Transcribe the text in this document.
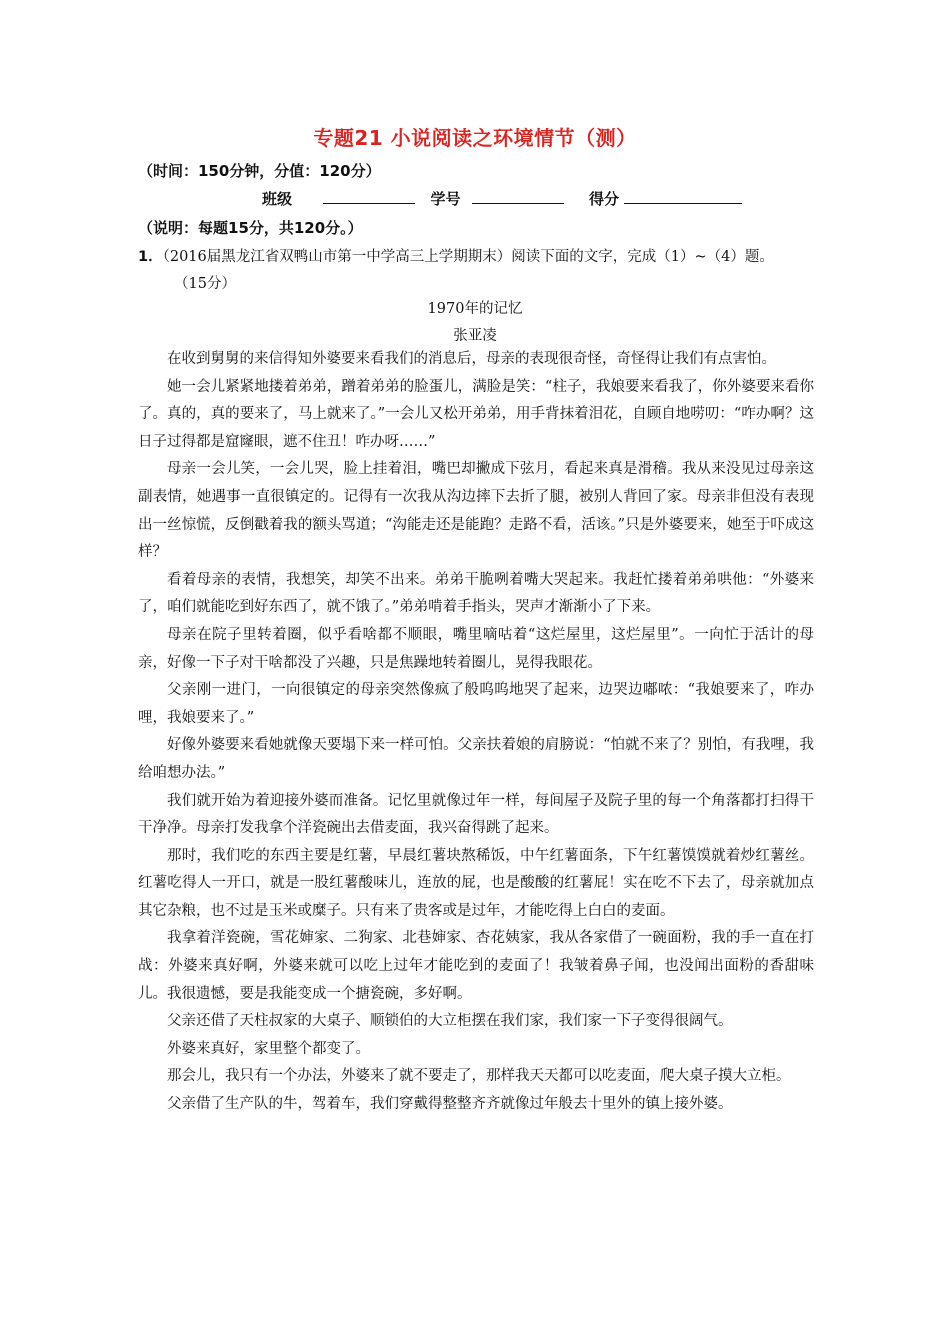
专题21 小说阅读之环境情节（测）
（时间：150分钟，分值：120分）
班级	学号	得分
（说明：每题15分，共120分。）
1．（2016届黑龙江省双鸭山市第一中学高三上学期期末）阅读下面的文字，完成（1）~（4）题。
（15分）
1970年的记忆
张亚凌

在收到舅舅的来信得知外婆要来看我们的消息后，母亲的表现很奇怪，奇怪得让我们有点害怕。

她一会儿紧紧地搂着弟弟，蹭着弟弟的脸蛋儿，满脸是笑：“柱子，我娘要来看我了，你外婆要来看你了。真的，真的要来了，马上就来了。”一会儿又松开弟弟，用手背抹着泪花，自顾自地唠叨：“咋办啊？这日子过得都是窟窿眼，遮不住丑！咋办呀……”

母亲一会儿笑，一会儿哭，脸上挂着泪，嘴巴却撇成下弦月，看起来真是滑稽。我从来没见过母亲这副表情，她遇事一直很镇定的。记得有一次我从沟边摔下去折了腿，被别人背回了家。母亲非但没有表现出一丝惊慌，反倒戳着我的额头骂道；“沟能走还是能跑？走路不看，活该。”只是外婆要来，她至于吓成这样？

看着母亲的表情，我想笑，却笑不出来。弟弟干脆咧着嘴大哭起来。我赶忙搂着弟弟哄他：“外婆来了，咱们就能吃到好东西了，就不饿了。”弟弟啃着手指头，哭声才渐渐小了下来。

母亲在院子里转着圈，似乎看啥都不顺眼，嘴里嘀咕着“这烂屋里，这烂屋里”。一向忙于活计的母亲，好像一下子对干啥都没了兴趣，只是焦躁地转着圈儿，晃得我眼花。

父亲刚一进门，一向很镇定的母亲突然像疯了般呜呜地哭了起来，边哭边嘟哝：“我娘要来了，咋办哩，我娘要来了。”

好像外婆要来看她就像天要塌下来一样可怕。父亲扶着娘的肩膀说：“怕就不来了？别怕，有我哩，我给咱想办法。”

我们就开始为着迎接外婆而准备。记忆里就像过年一样，每间屋子及院子里的每一个角落都打扫得干干净净。母亲打发我拿个洋瓷碗出去借麦面，我兴奋得跳了起来。

那时，我们吃的东西主要是红薯，早晨红薯块熬稀饭，中午红薯面条，下午红薯馍馍就着炒红薯丝。红薯吃得人一开口，就是一股红薯酸味儿，连放的屁，也是酸酸的红薯屁！实在吃不下去了，母亲就加点其它杂粮，也不过是玉米或糜子。只有来了贵客或是过年，才能吃得上白白的麦面。

我拿着洋瓷碗，雪花婶家、二狗家、北巷婶家、杏花姨家，我从各家借了一碗面粉，我的手一直在打战：外婆来真好啊，外婆来就可以吃上过年才能吃到的麦面了！我皱着鼻子闻，也没闻出面粉的香甜味儿。我很遗憾，要是我能变成一个搪瓷碗，多好啊。

父亲还借了天柱叔家的大桌子、顺锁伯的大立柜摆在我们家，我们家一下子变得很阔气。

外婆来真好，家里整个都变了。

那会儿，我只有一个办法，外婆来了就不要走了，那样我天天都可以吃麦面，爬大桌子摸大立柜。

父亲借了生产队的牛，驾着车，我们穿戴得整整齐齐就像过年般去十里外的镇上接外婆。
